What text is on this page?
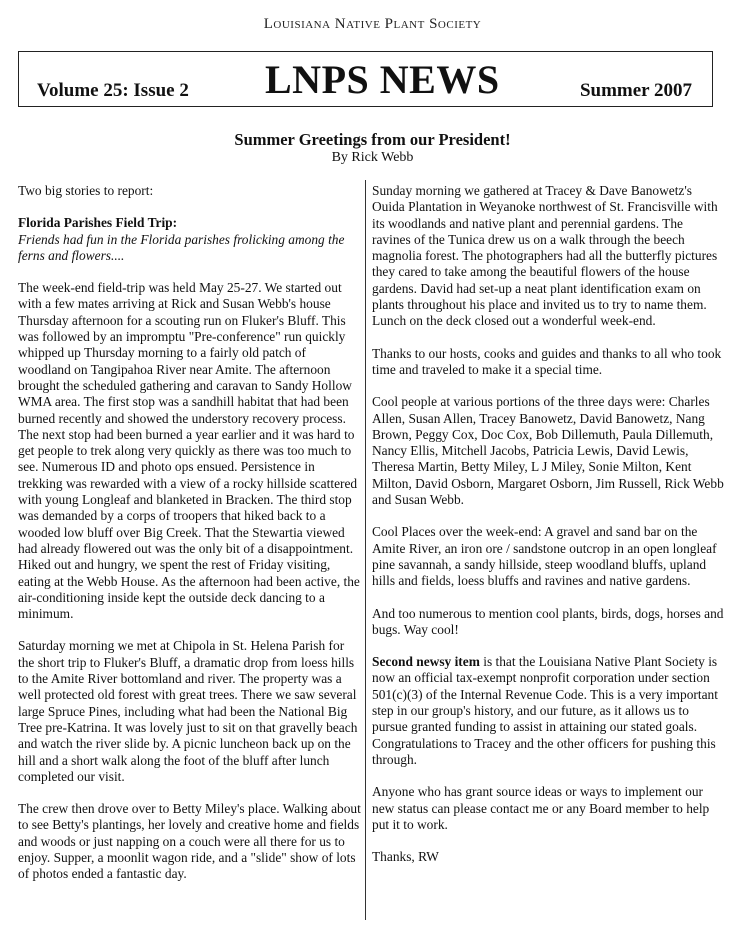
Louisiana Native Plant Society
Volume 25: Issue 2 LNPS NEWS	Summer 2007
Summer Greetings from our President!
By Rick Webb

Two big stories to report:

Florida Parishes Field Trip:
Friends had fun in the Florida parishes frolicking among the ferns and flowers....

The week-end field-trip was held May 25-27. We started out with a few mates arriving at Rick and Susan Webb's house Thursday afternoon for a scouting run on Fluker's Bluff. This was followed by an impromptu "Pre-conference" run quickly whipped up Thursday morning to a fairly old patch of woodland on Tangipahoa River near Amite. The afternoon brought the scheduled gathering and caravan to Sandy Hollow WMA area. The first stop was a sandhill habitat that had been burned recently and showed the understory recovery process. The next stop had been burned a year earlier and it was hard to get people to trek along very quickly as there was too much to see. Numerous ID and photo ops ensued. Persistence in trekking was rewarded with a view of a rocky hillside scattered with young Longleaf and blanketed in Bracken. The third stop was demanded by a corps of troopers that hiked back to a wooded low bluff over Big Creek. That the Stewartia viewed had already flowered out was the only bit of a disappointment. Hiked out and hungry, we spent the rest of Friday visiting, eating at the Webb House. As the afternoon had been active, the air-conditioning inside kept the outside deck dancing to a minimum.

Saturday morning we met at Chipola in St. Helena Parish for the short trip to Fluker's Bluff, a dramatic drop from loess hills to the Amite River bottomland and river. The property was a well protected old forest with great trees. There we saw several large Spruce Pines, including what had been the National Big Tree pre-Katrina. It was lovely just to sit on that gravelly beach and watch the river slide by. A picnic luncheon back up on the hill and a short walk along the foot of the bluff after lunch completed our visit.

The crew then drove over to Betty Miley's place. Walking about to see Betty's plantings, her lovely and creative home and fields and woods or just napping on a couch were all there for us to enjoy. Supper, a moonlit wagon ride, and a "slide" show of lots of photos ended a fantastic day.

Sunday morning we gathered at Tracey & Dave Banowetz's Ouida Plantation in Weyanoke northwest of St. Francisville with its woodlands and native plant and perennial gardens. The ravines of the Tunica drew us on a walk through the beech magnolia forest. The photographers had all the butterfly pictures they cared to take among the beautiful flowers of the house gardens. David had set-up a neat plant identification exam on plants throughout his place and invited us to try to name them. Lunch on the deck closed out a wonderful week-end.

Thanks to our hosts, cooks and guides and thanks to all who took time and traveled to make it a special time.

Cool people at various portions of the three days were: Charles Allen, Susan Allen, Tracey Banowetz, David Banowetz, Nang Brown, Peggy Cox, Doc Cox, Bob Dillemuth, Paula Dillemuth, Nancy Ellis, Mitchell Jacobs, Patricia Lewis, David Lewis, Theresa Martin, Betty Miley, L J Miley, Sonie Milton, Kent Milton, David Osborn, Margaret Osborn, Jim Russell, Rick Webb and Susan Webb.

Cool Places over the week-end: A gravel and sand bar on the Amite River, an iron ore / sandstone outcrop in an open longleaf pine savannah, a sandy hillside, steep woodland bluffs, upland hills and fields, loess bluffs and ravines and native gardens.

And too numerous to mention cool plants, birds, dogs, horses and bugs. Way cool!

Second newsy item is that the Louisiana Native Plant Society is now an official tax-exempt nonprofit corporation under section 501(c)(3) of the Internal Revenue Code. This is a very important step in our group's history, and our future, as it allows us to pursue granted funding to assist in attaining our stated goals. Congratulations to Tracey and the other officers for pushing this through.

Anyone who has grant source ideas or ways to implement our new status can please contact me or any Board member to help put it to work.

Thanks, RW
